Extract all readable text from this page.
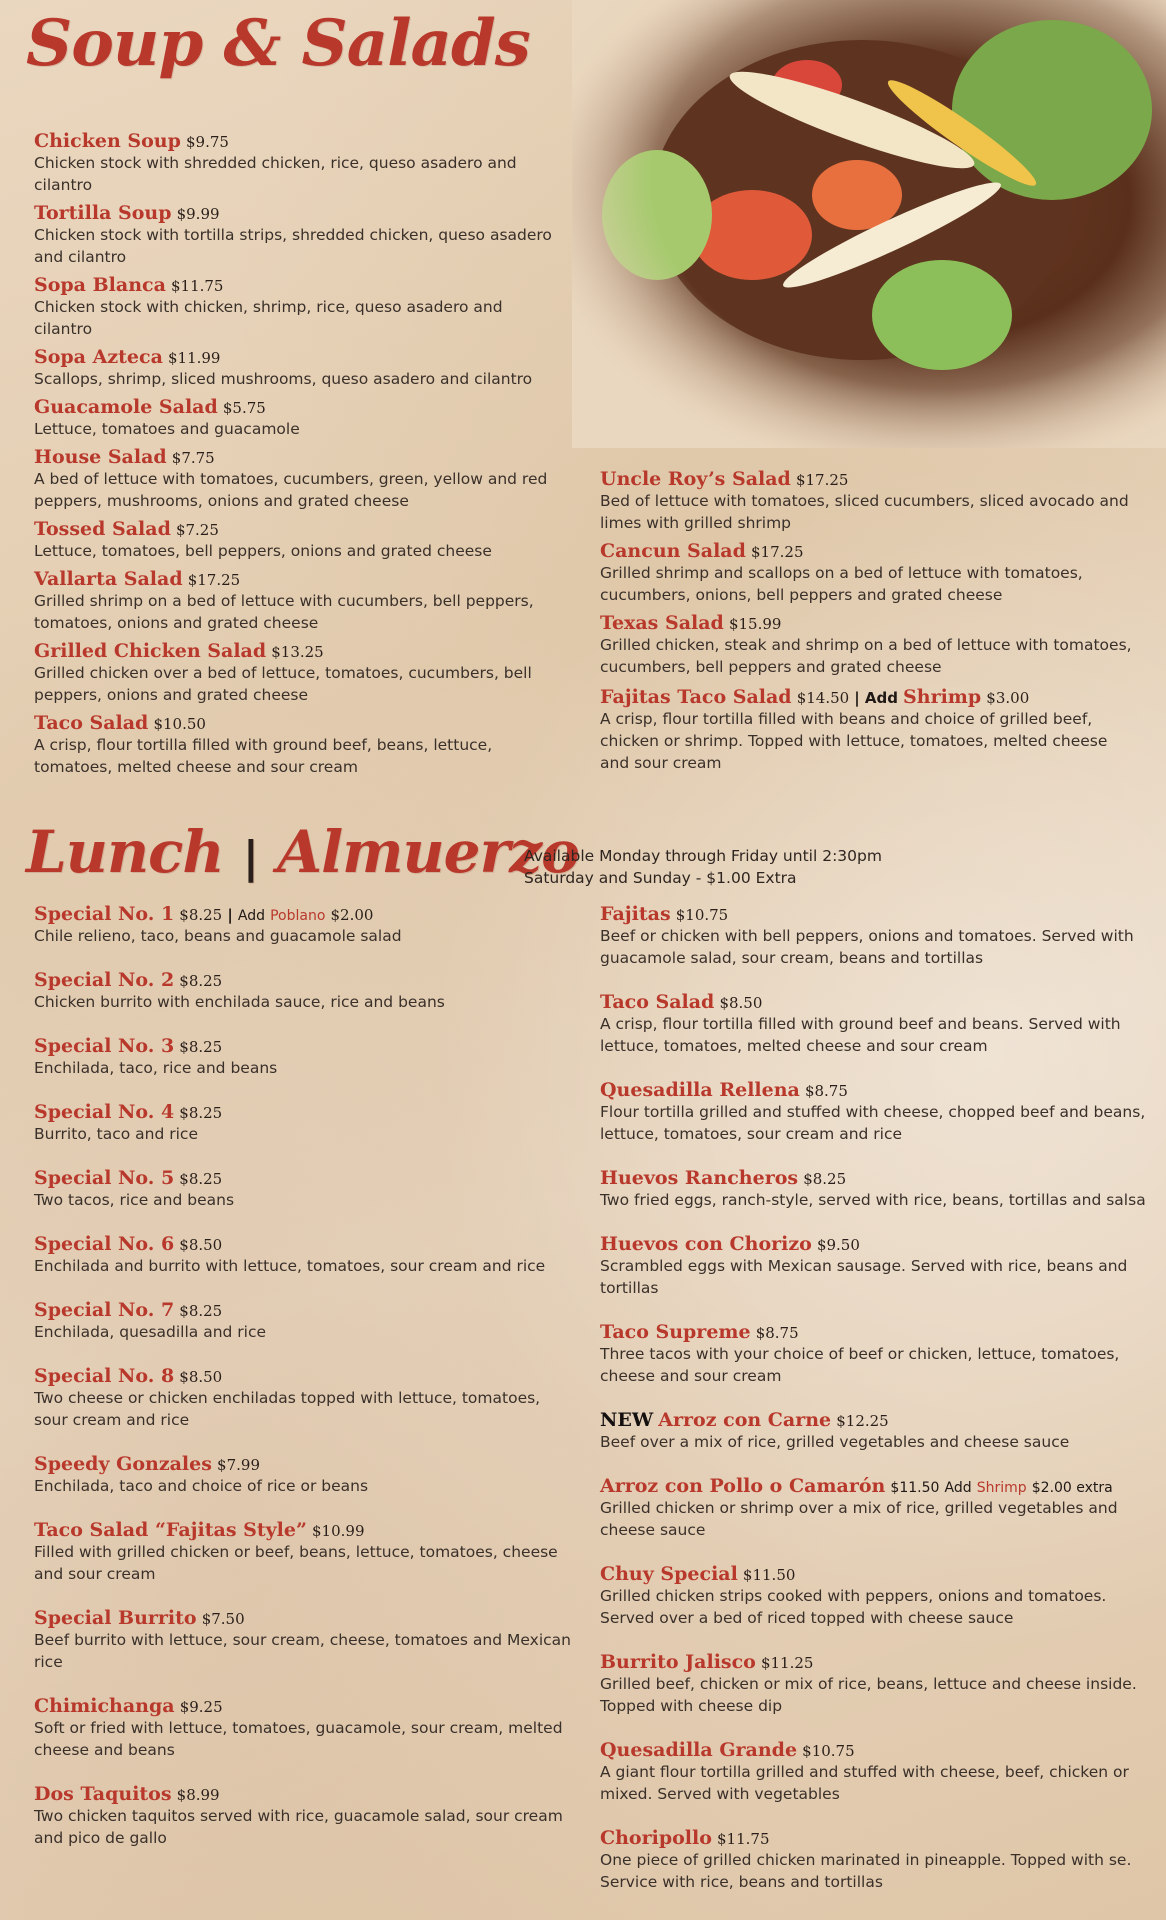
Soup & Salads
Chicken Soup $9.75
Chicken stock with shredded chicken, rice, queso asadero and cilantro
Tortilla Soup $9.99
Chicken stock with tortilla strips, shredded chicken, queso asadero and cilantro
Sopa Blanca $11.75
Chicken stock with chicken, shrimp, rice, queso asadero and cilantro
Sopa Azteca $11.99
Scallops, shrimp, sliced mushrooms, queso asadero and cilantro
Guacamole Salad $5.75
Lettuce, tomatoes and guacamole
House Salad $7.75
A bed of lettuce with tomatoes, cucumbers, green, yellow and red peppers, mushrooms, onions and grated cheese
Tossed Salad $7.25
Lettuce, tomatoes, bell peppers, onions and grated cheese
Vallarta Salad $17.25
Grilled shrimp on a bed of lettuce with cucumbers, bell peppers, tomatoes, onions and grated cheese
Grilled Chicken Salad $13.25
Grilled chicken over a bed of lettuce, tomatoes, cucumbers, bell peppers, onions and grated cheese
Taco Salad $10.50
A crisp, flour tortilla filled with ground beef, beans, lettuce, tomatoes, melted cheese and sour cream
Uncle Roy’s Salad $17.25
Bed of lettuce with tomatoes, sliced cucumbers, sliced avocado and limes with grilled shrimp
Cancun Salad $17.25
Grilled shrimp and scallops on a bed of lettuce with tomatoes, cucumbers, onions, bell peppers and grated cheese
Texas Salad $15.99
Grilled chicken, steak and shrimp on a bed of lettuce with tomatoes, cucumbers, bell peppers and grated cheese
Fajitas Taco Salad $14.50 | Add Shrimp $3.00
A crisp, flour tortilla filled with beans and choice of grilled beef, chicken or shrimp. Topped with lettuce, tomatoes, melted cheese and sour cream
Lunch | Almuerzo
Available Monday through Friday until 2:30pm
Saturday and Sunday - $1.00 Extra
Special No. 1 $8.25 | Add Poblano $2.00
Chile relieno, taco, beans and guacamole salad
Special No. 2 $8.25
Chicken burrito with enchilada sauce, rice and beans
Special No. 3 $8.25
Enchilada, taco, rice and beans
Special No. 4 $8.25
Burrito, taco and rice
Special No. 5 $8.25
Two tacos, rice and beans
Special No. 6 $8.50
Enchilada and burrito with lettuce, tomatoes, sour cream and rice
Special No. 7 $8.25
Enchilada, quesadilla and rice
Special No. 8 $8.50
Two cheese or chicken enchiladas topped with lettuce, tomatoes, sour cream and rice
Speedy Gonzales $7.99
Enchilada, taco and choice of rice or beans
Taco Salad “Fajitas Style” $10.99
Filled with grilled chicken or beef, beans, lettuce, tomatoes, cheese and sour cream
Special Burrito $7.50
Beef burrito with lettuce, sour cream, cheese, tomatoes and Mexican rice
Chimichanga $9.25
Soft or fried with lettuce, tomatoes, guacamole, sour cream, melted cheese and beans
Dos Taquitos $8.99
Two chicken taquitos served with rice, guacamole salad, sour cream and pico de gallo
Fajitas $10.75
Beef or chicken with bell peppers, onions and tomatoes. Served with guacamole salad, sour cream, beans and tortillas
Taco Salad $8.50
A crisp, flour tortilla filled with ground beef and beans. Served with lettuce, tomatoes, melted cheese and sour cream
Quesadilla Rellena $8.75
Flour tortilla grilled and stuffed with cheese, chopped beef and beans, lettuce, tomatoes, sour cream and rice
Huevos Rancheros $8.25
Two fried eggs, ranch-style, served with rice, beans, tortillas and salsa
Huevos con Chorizo $9.50
Scrambled eggs with Mexican sausage. Served with rice, beans and tortillas
Taco Supreme $8.75
Three tacos with your choice of beef or chicken, lettuce, tomatoes, cheese and sour cream
NEW Arroz con Carne $12.25
Beef over a mix of rice, grilled vegetables and cheese sauce
Arroz con Pollo o Camarón $11.50 Add Shrimp $2.00 extra
Grilled chicken or shrimp over a mix of rice, grilled vegetables and cheese sauce
Chuy Special $11.50
Grilled chicken strips cooked with peppers, onions and tomatoes. Served over a bed of riced topped with cheese sauce
Burrito Jalisco $11.25
Grilled beef, chicken or mix of rice, beans, lettuce and cheese inside. Topped with cheese dip
Quesadilla Grande $10.75
A giant flour tortilla grilled and stuffed with cheese, beef, chicken or mixed. Served with vegetables
Choripollo $11.75
One piece of grilled chicken marinated in pineapple. Topped with se. Service with rice, beans and tortillas
